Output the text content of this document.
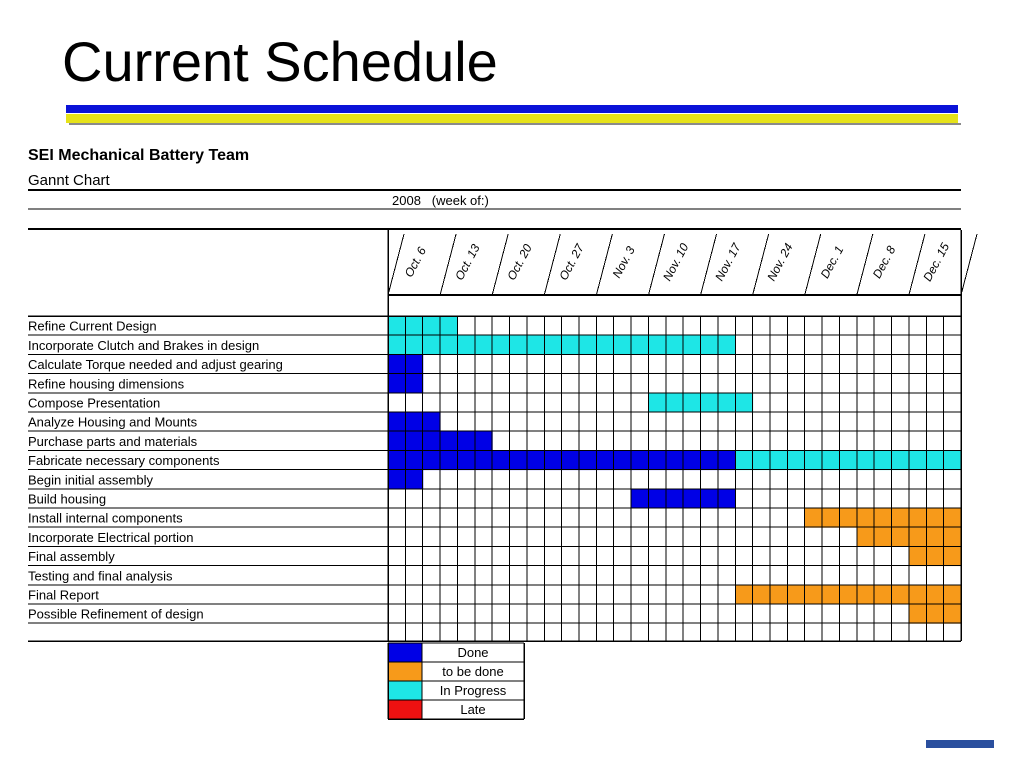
Current Schedule
SEI Mechanical Battery Team
Gannt Chart
2008 (week of:)
Oct. 6 Oct. 13 Oct. 20 Oct. 27 Nov. 3 Nov. 10 Nov. 17 Nov. 24 Dec. 1 Dec. 8 Dec. 15
Refine Current Design
Incorporate Clutch and Brakes in design
Calculate Torque needed and adjust gearing
Refine housing dimensions
Compose Presentation
Analyze Housing and Mounts
Purchase parts and materials
Fabricate necessary components
Begin initial assembly
Build housing
Install internal components
Incorporate Electrical portion
Final assembly
Testing and final analysis
Final Report
Possible Refinement of design
Done
to be done
In Progress
Late
